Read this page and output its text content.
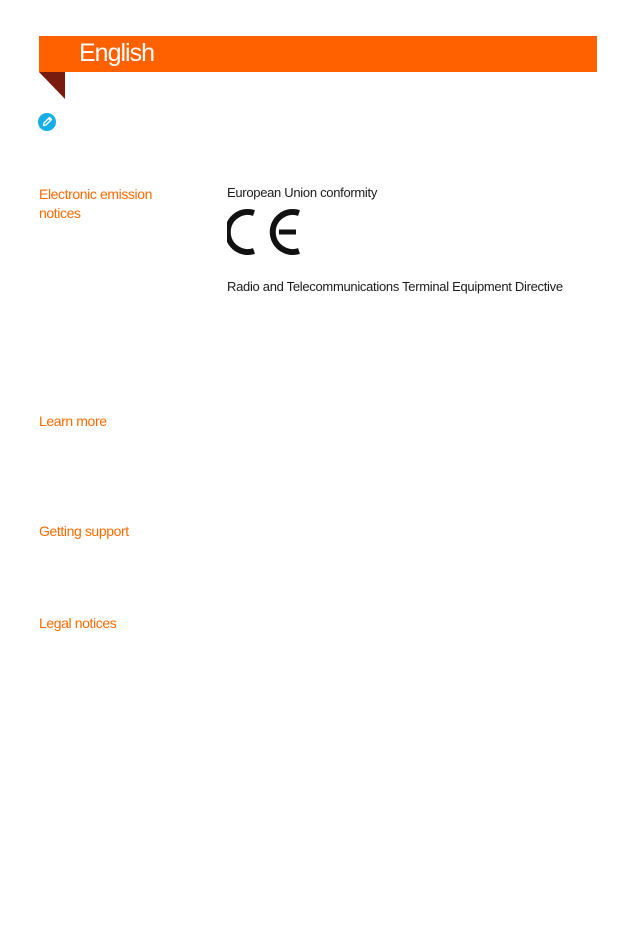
English
Electronic emission notices
European Union conformity
Radio and Telecommunications Terminal Equipment Directive
Learn more
Getting support
Legal notices
